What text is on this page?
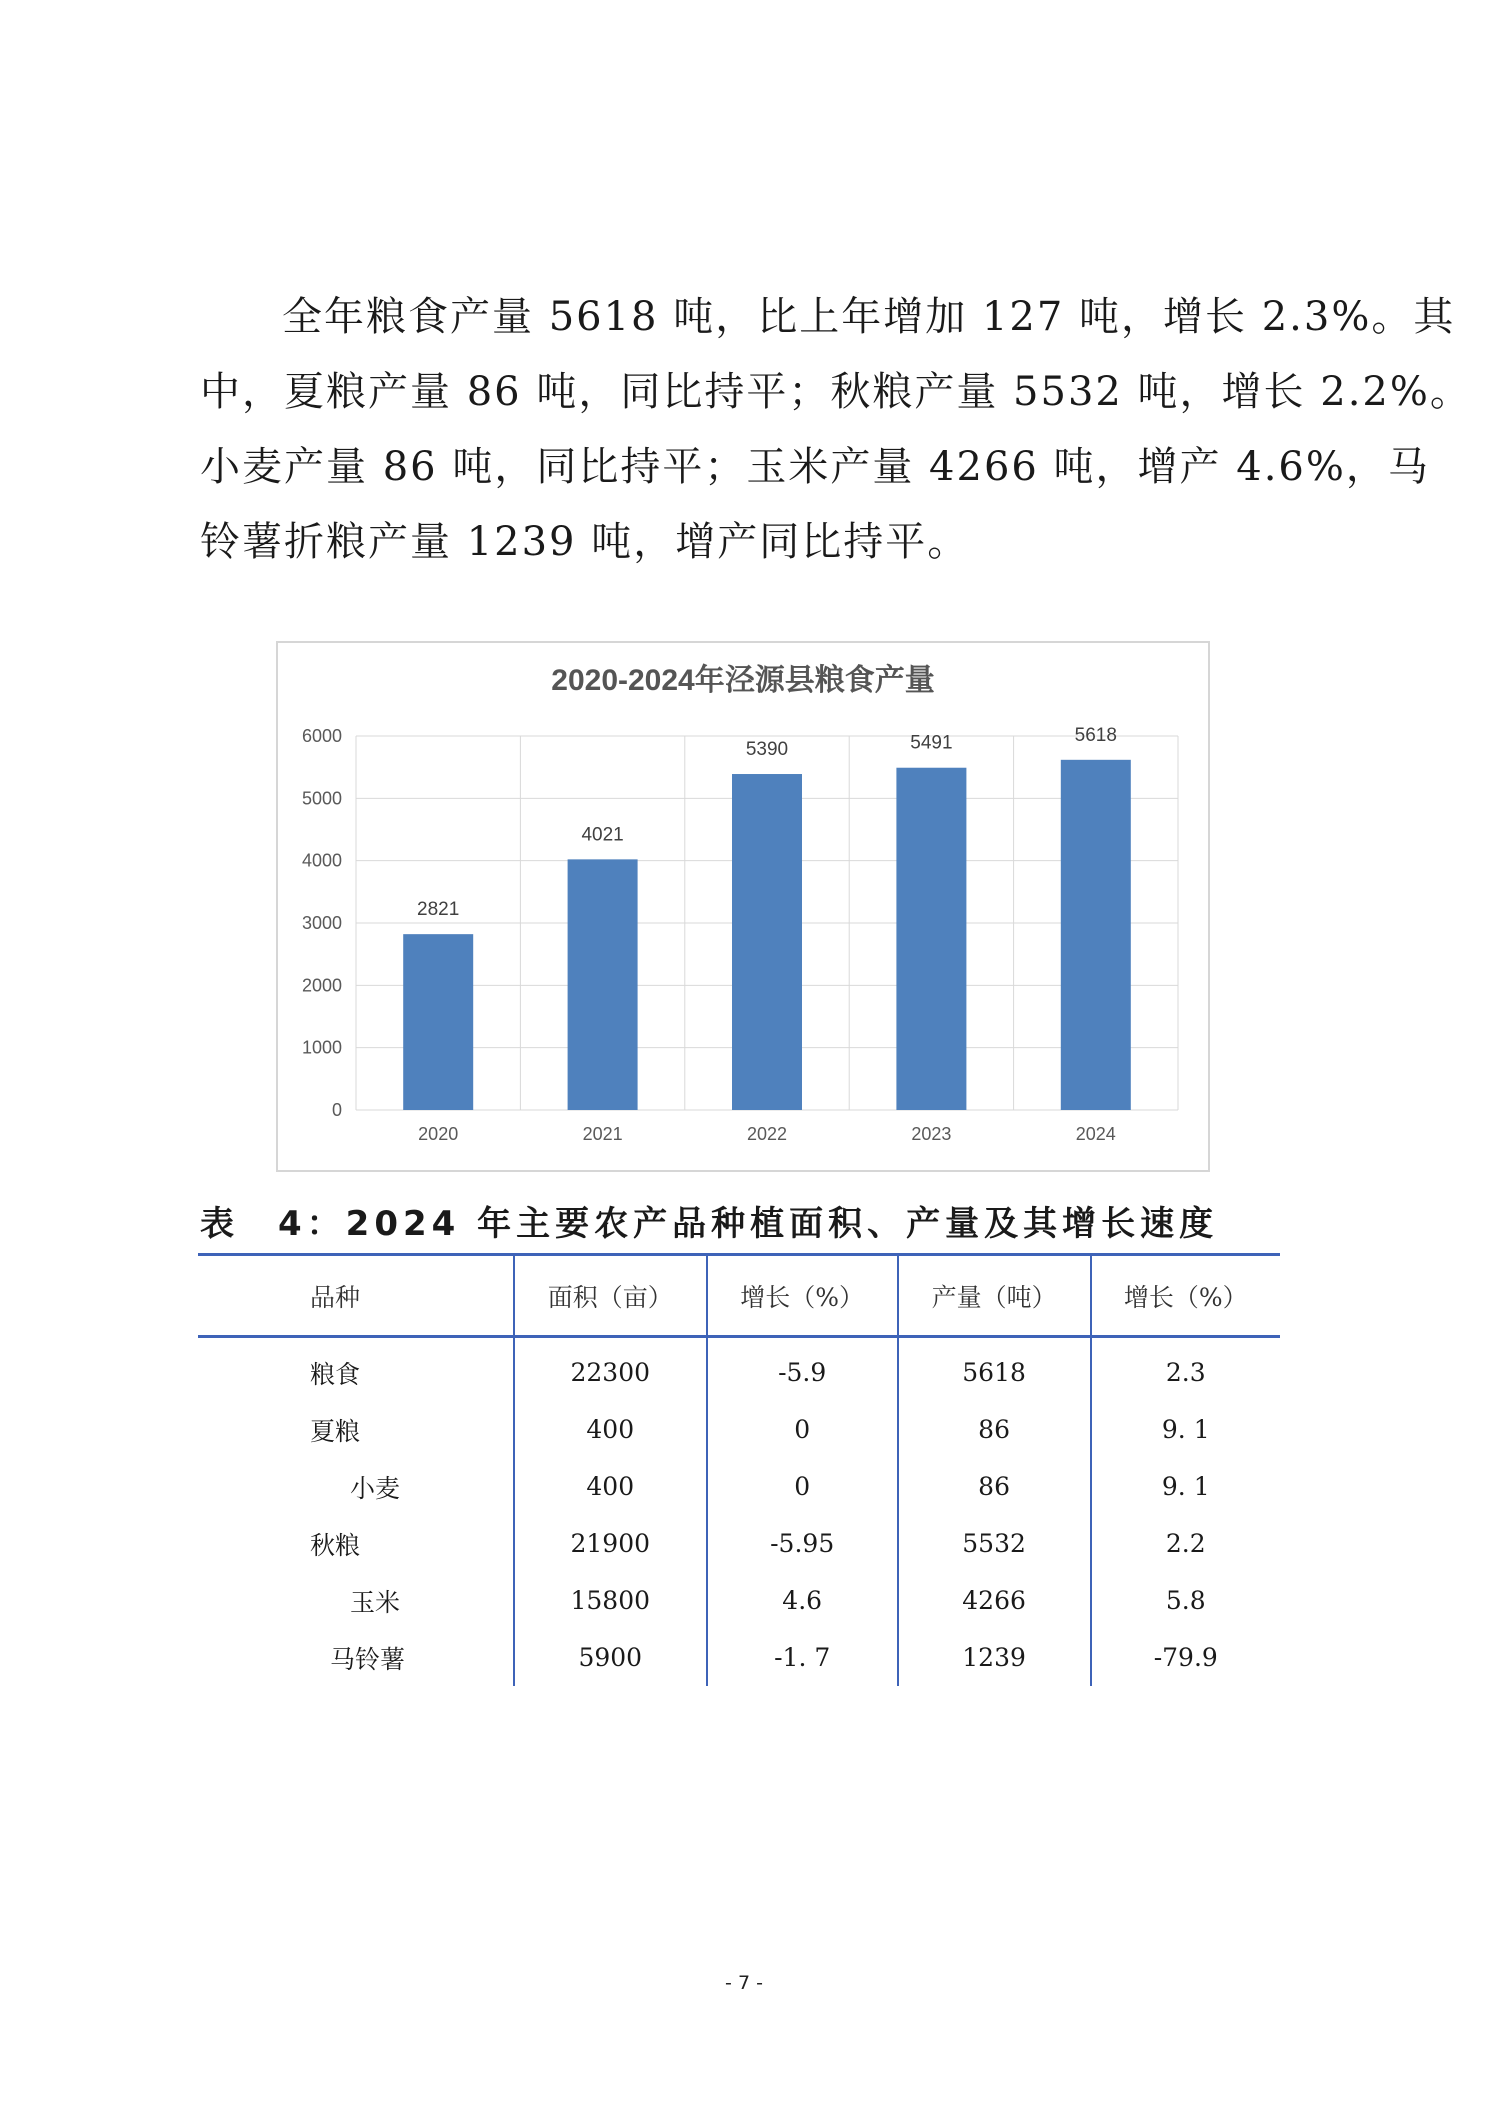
全年粮食产量 5618 吨，比上年增加 127 吨，增长 2.3%。其
中，夏粮产量 86 吨，同比持平；秋粮产量 5532 吨，增长 2.2%。
小麦产量 86 吨，同比持平；玉米产量 4266 吨，增产 4.6%，马
铃薯折粮产量 1239 吨，增产同比持平。
2020-2024年泾源县粮食产量
0
1000
2000
3000
4000
5000
6000
2821
2020
4021
2021
5390
2022
5491
2023
5618
2024
表　4：2024 年主要农产品种植面积、产量及其增长速度
品种	面积（亩）	增长（%）	产量（吨）	增长（%）
粮食	22300	-5.9	5618	2.3
夏粮	400	0	86	9. 1
小麦	400	0	86	9. 1
秋粮	21900	-5.95	5532	2.2
玉米	15800	4.6	4266	5.8
马铃薯	5900	-1. 7	1239	-79.9
- 7 -
